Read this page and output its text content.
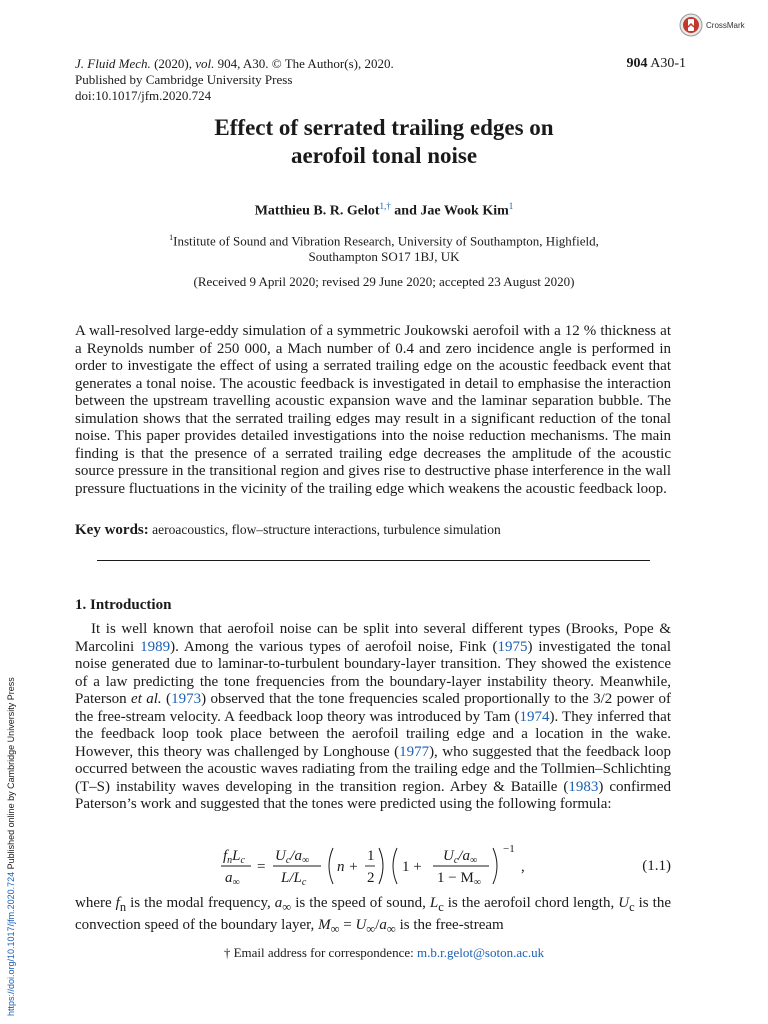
J. Fluid Mech. (2020), vol. 904, A30. © The Author(s), 2020.
Published by Cambridge University Press
doi:10.1017/jfm.2020.724
904 A30-1
CrossMark
Effect of serrated trailing edges on
aerofoil tonal noise
Matthieu B. R. Gelot$^{1,\dagger}$ and Jae Wook Kim$^1$
$^1$Institute of Sound and Vibration Research, University of Southampton, Highfield,
Southampton SO17 1BJ, UK
(Received 9 April 2020; revised 29 June 2020; accepted 23 August 2020)
A wall-resolved large-eddy simulation of a symmetric Joukowski aerofoil with a 12 % thickness at a Reynolds number of 250 000, a Mach number of 0.4 and zero incidence angle is performed in order to investigate the effect of using a serrated trailing edge on the acoustic feedback event that generates a tonal noise. The acoustic feedback is investigated in detail to emphasise the interaction between the upstream travelling acoustic expansion wave and the laminar separation bubble. The simulation shows that the serrated trailing edges may result in a significant reduction of the tonal noise. This paper provides detailed investigations into the noise reduction mechanisms. The main finding is that the presence of a serrated trailing edge decreases the amplitude of the acoustic source pressure in the transitional region and gives rise to destructive phase interference in the wall pressure fluctuations in the vicinity of the trailing edge which weakens the acoustic feedback loop.
Key words: aeroacoustics, flow–structure interactions, turbulence simulation
1. Introduction
It is well known that aerofoil noise can be split into several different types (Brooks, Pope & Marcolini 1989). Among the various types of aerofoil noise, Fink (1975) investigated the tonal noise generated due to laminar-to-turbulent boundary-layer transition. They showed the existence of a law predicting the tone frequencies from the boundary-layer instability theory. Meanwhile, Paterson et al. (1973) observed that the tone frequencies scaled proportionally to the 3/2 power of the free-stream velocity. A feedback loop theory was introduced by Tam (1974). They inferred that the feedback loop took place between the aerofoil trailing edge and a location in the wake. However, this theory was challenged by Longhouse (1977), who suggested that the feedback loop occurred between the acoustic waves radiating from the trailing edge and the Tollmien–Schlichting (T–S) instability waves developing in the transition region. Arbey & Bataille (1983) confirmed Paterson’s work and suggested that the tones were predicted using the following formula:
$f_nL_c$
$a_\infty$
=
$U_c/a_\infty$
$L/L_c$
n +
1
2
1 +
$U_c/a_\infty$
$1 - M_\infty$
−1
,	(1.1)
where $f_n$ is the modal frequency, $a_\infty$ is the speed of sound, $L_c$ is the aerofoil chord length, $U_c$ is the convection speed of the boundary layer, $M_\infty = U_\infty/a_\infty$ is the free-stream
† Email address for correspondence: m.b.r.gelot@soton.ac.uk
https://doi.org/10.1017/jfm.2020.724 Published online by Cambridge University Press
